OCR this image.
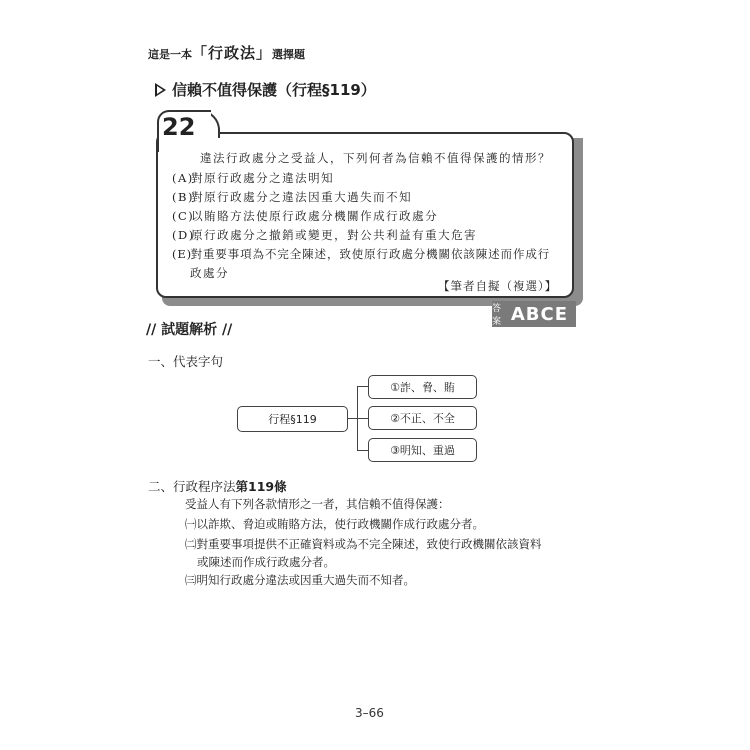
這是一本「行政法」選擇題
信賴不值得保護（行程§119）
22
違法行政處分之受益人，下列何者為信賴不值得保護的情形？
(A) 對原行政處分之違法明知
(B) 對原行政處分之違法因重大過失而不知
(C) 以賄賂方法使原行政處分機關作成行政處分
(D) 原行政處分之撤銷或變更，對公共利益有重大危害
(E) 對重要事項為不完全陳述，致使原行政處分機關依該陳述而作成行
政處分
【筆者自擬（複選）】
答案 ABCE
// 試題解析 //
一、代表字句
行程§119
①詐、脅、賄
②不正、不全
③明知、重過
二、行政程序法第119條
受益人有下列各款情形之一者，其信賴不值得保護：
㈠以詐欺、脅迫或賄賂方法，使行政機關作成行政處分者。
㈡對重要事項提供不正確資料或為不完全陳述，致使行政機關依該資料
或陳述而作成行政處分者。
㈢明知行政處分違法或因重大過失而不知者。
3–66
